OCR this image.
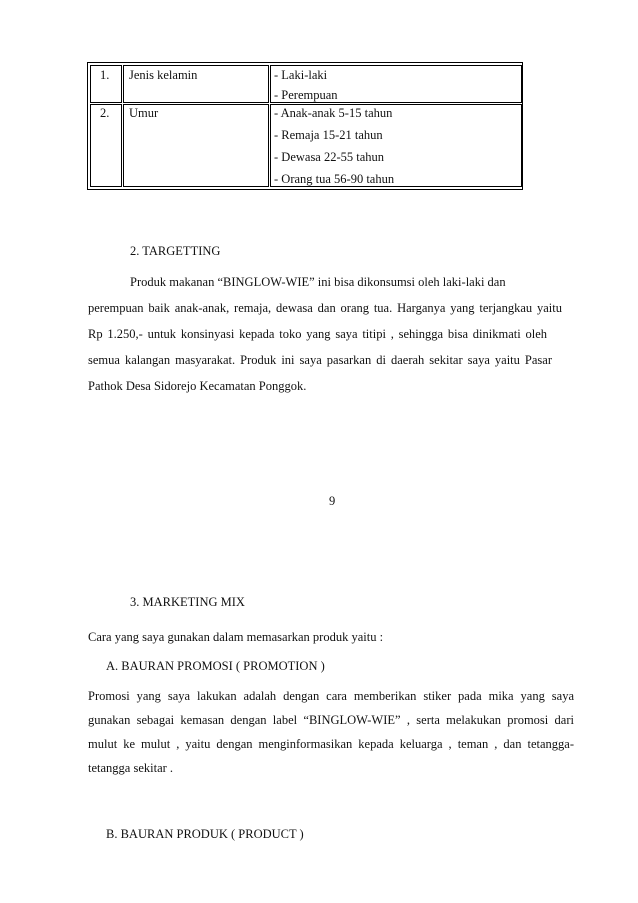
1. Jenis kelamin	- Laki-laki
- Perempuan
2. Umur	- Anak-anak 5-15 tahun
- Remaja 15-21 tahun
- Dewasa 22-55 tahun
- Orang tua 56-90 tahun
2. TARGETTING
Produk makanan “BINGLOW-WIE” ini bisa dikonsumsi oleh laki-laki dan

perempuan baik anak-anak, remaja, dewasa dan orang tua. Harganya yang terjangkau yaitu

Rp 1.250,- untuk konsinyasi kepada toko yang saya titipi , sehingga bisa dinikmati oleh

semua kalangan masyarakat. Produk ini saya pasarkan di daerah sekitar saya yaitu Pasar

Pathok Desa Sidorejo Kecamatan Ponggok.
9
3. MARKETING MIX
Cara yang saya gunakan dalam memasarkan produk yaitu :
A. BAURAN PROMOSI ( PROMOTION )

Promosi yang saya lakukan adalah dengan cara memberikan stiker pada mika yang saya

gunakan sebagai kemasan dengan label “BINGLOW-WIE” , serta melakukan promosi dari

mulut ke mulut , yaitu dengan menginformasikan kepada keluarga , teman , dan tetangga-

tetangga sekitar .
B. BAURAN PRODUK ( PRODUCT )
